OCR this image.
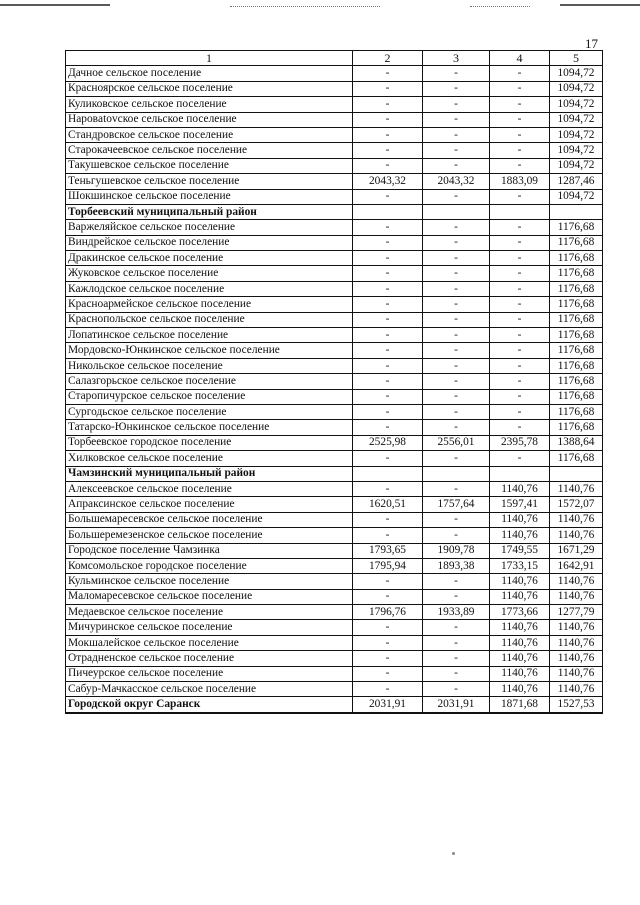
17
1	2	3	4	5
Дачное сельское поселение	-	-	-	1094,72
Красноярское сельское поселение	-	-	-	1094,72
Куликовское сельское поселение	-	-	-	1094,72
Наровatovское сельское поселение	-	-	-	1094,72
Стандровское сельское поселение	-	-	-	1094,72
Старокачеевское сельское поселение	-	-	-	1094,72
Такушевское сельское поселение	-	-	-	1094,72
Теньгушевское сельское поселение	2043,32	2043,32	1883,09	1287,46
Шокшинское сельское поселение	-	-	-	1094,72
Торбеевский муниципальный район				
Варжеляйское сельское поселение	-	-	-	1176,68
Виндрейское сельское поселение	-	-	-	1176,68
Дракинское сельское поселение	-	-	-	1176,68
Жуковское сельское поселение	-	-	-	1176,68
Кажлодское сельское поселение	-	-	-	1176,68
Красноармейское сельское поселение	-	-	-	1176,68
Краснопольское сельское поселение	-	-	-	1176,68
Лопатинское сельское поселение	-	-	-	1176,68
Мордовско-Юнкинское сельское поселение	-	-	-	1176,68
Никольское сельское поселение	-	-	-	1176,68
Салазгорьское сельское поселение	-	-	-	1176,68
Старопичурское сельское поселение	-	-	-	1176,68
Сургодьское сельское поселение	-	-	-	1176,68
Татарско-Юнкинское сельское поселение	-	-	-	1176,68
Торбеевское городское поселение	2525,98	2556,01	2395,78	1388,64
Хилковское сельское поселение	-	-	-	1176,68
Чамзинский муниципальный район				
Алексеевское сельское поселение	-	-	1140,76	1140,76
Апраксинское сельское поселение	1620,51	1757,64	1597,41	1572,07
Большемаресевское сельское поселение	-	-	1140,76	1140,76
Большеремезенское сельское поселение	-	-	1140,76	1140,76
Городское поселение Чамзинка	1793,65	1909,78	1749,55	1671,29
Комсомольское городское поселение	1795,94	1893,38	1733,15	1642,91
Кульминское сельское поселение	-	-	1140,76	1140,76
Маломаресевское сельское поселение	-	-	1140,76	1140,76
Медаевское сельское поселение	1796,76	1933,89	1773,66	1277,79
Мичуринское сельское поселение	-	-	1140,76	1140,76
Мокшалейское сельское поселение	-	-	1140,76	1140,76
Отрадненское сельское поселение	-	-	1140,76	1140,76
Пичеурское сельское поселение	-	-	1140,76	1140,76
Сабур-Мачкасское сельское поселение	-	-	1140,76	1140,76
Городской округ Саранск	2031,91	2031,91	1871,68	1527,53
